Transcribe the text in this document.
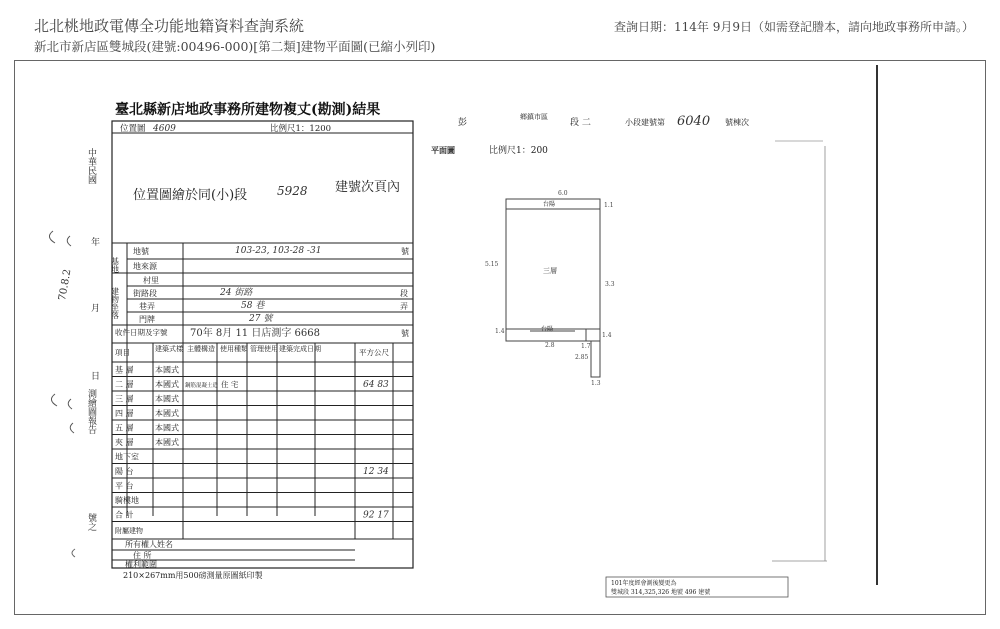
北北桃地政電傳全功能地籍資料查詢系統
新北市新店區雙城段(建號:00496-000)[第二類]建物平面圖(已縮小列印)
查詢日期：114年 9月9日（如需登記謄本，請向地政事務所申請。）
臺北縣新店地政事務所建物複丈(勘測)結果
中華民國
年
月
日
測繪圖報告
號之
70.8.2
位置圖 4609	比例尺1：1200
位置圖繪於同(小)段 5928 建號次頁內
基地
地號	103-23, 103-28 -31	號
地來源
建物坐落
村里
街路段	24 街路	段
巷弄	58 巷	弄
門牌	27 號
收件日期及字號 70年 8月 11 日店測字 6668	號
項目	建築式樣 主體構造 使用種類 管理使用 建築完成日期	平方公尺
基 層	本國式
二 層	本國式 鋼筋混凝土造 住 宅	64 83
三 層	本國式
四 層	本國式
五 層	本國式
夾 層	本國式
地下室
陽 台	12 34
平 台
騎樓地
合 計	92 17
附屬建物
所有權人姓名
住 所
權利範圍
210×267mm用500磅測量原圖紙印製
彭
鄉鎮市區
段 二	小段建號第 6040 號棟次
平面圖	比例尺1：200
6.0
台陽	1.1
5.15
三層
3.3
1.4	台陽
1.4
2.8	1.7
2.85
1.3
101年度經會測後變更為
雙城段 314,325,326 地號 496 建號
